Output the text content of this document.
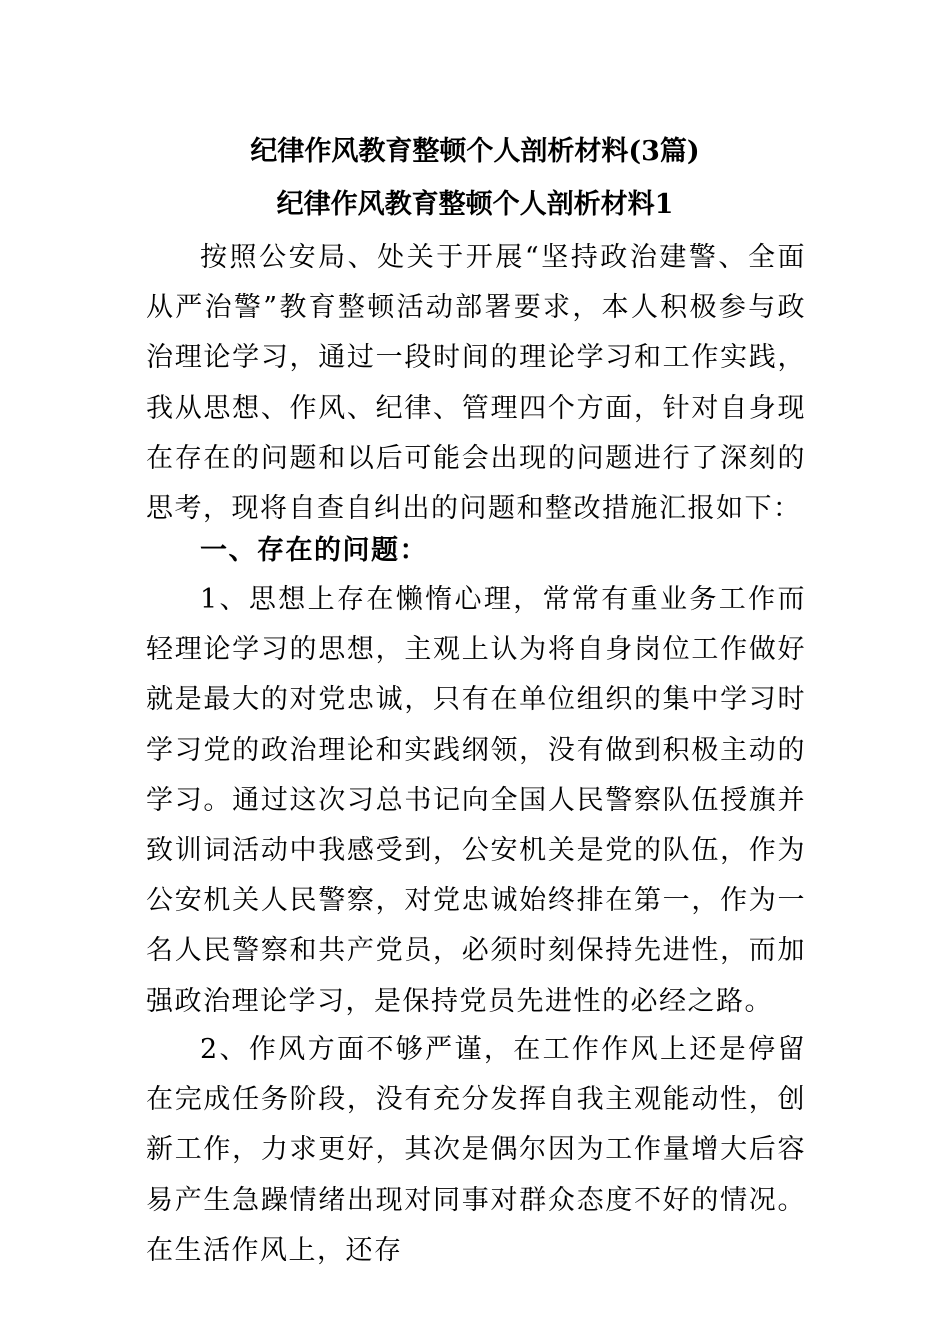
纪律作风教育整顿个人剖析材料(3篇)
纪律作风教育整顿个人剖析材料1

按照公安局、处关于开展“坚持政治建警、全面从严治警”教育整顿活动部署要求，本人积极参与政治理论学习，通过一段时间的理论学习和工作实践，我从思想、作风、纪律、管理四个方面，针对自身现在存在的问题和以后可能会出现的问题进行了深刻的思考，现将自查自纠出的问题和整改措施汇报如下：

一、存在的问题：

1、思想上存在懒惰心理，常常有重业务工作而轻理论学习的思想，主观上认为将自身岗位工作做好就是最大的对党忠诚，只有在单位组织的集中学习时学习党的政治理论和实践纲领，没有做到积极主动的学习。通过这次习总书记向全国人民警察队伍授旗并致训词活动中我感受到，公安机关是党的队伍，作为公安机关人民警察，对党忠诚始终排在第一，作为一名人民警察和共产党员，必须时刻保持先进性，而加强政治理论学习，是保持党员先进性的必经之路。

2、作风方面不够严谨，在工作作风上还是停留在完成任务阶段，没有充分发挥自我主观能动性，创新工作，力求更好，其次是偶尔因为工作量增大后容易产生急躁情绪出现对同事对群众态度不好的情况。在生活作风上，还存
